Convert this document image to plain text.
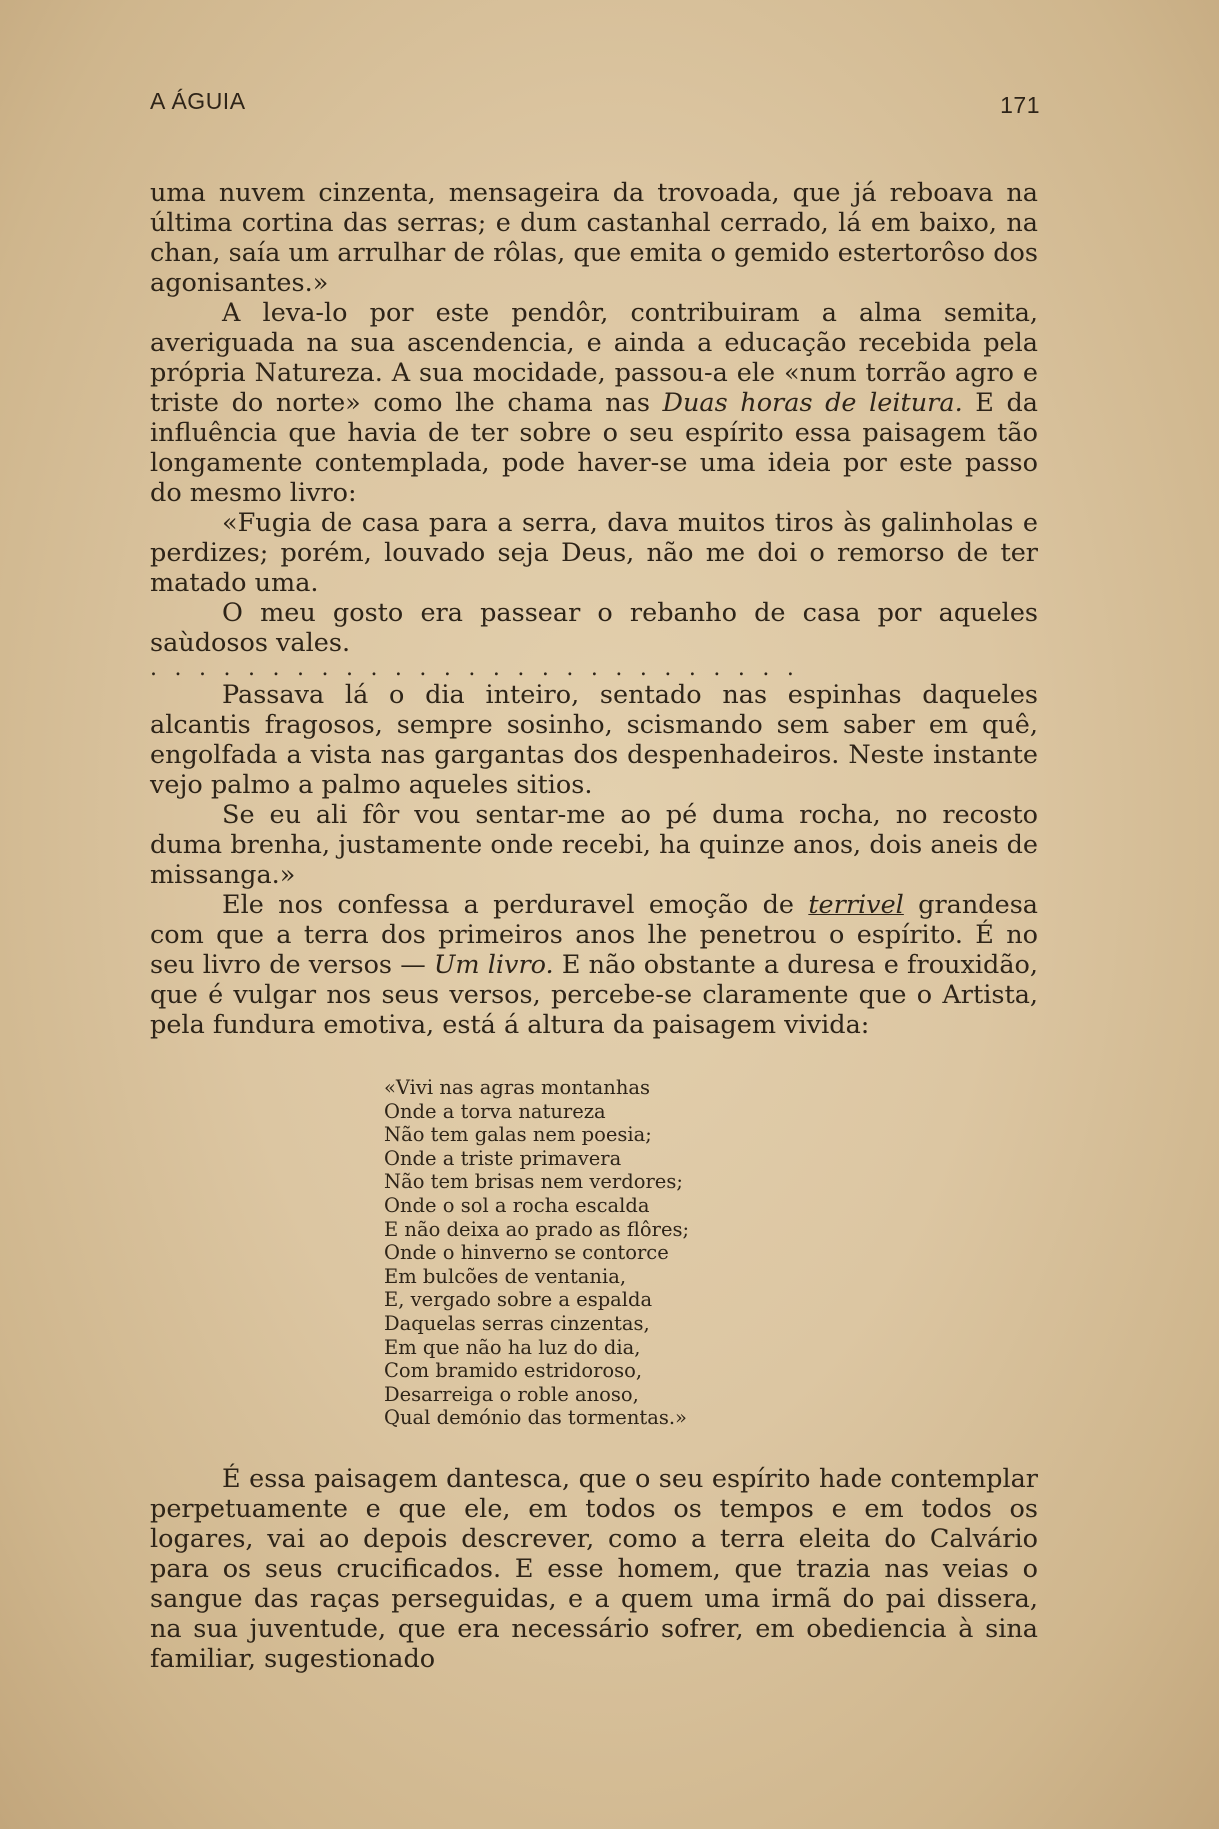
A ÁGUIA	171

uma nuvem cinzenta, mensageira da trovoada, que já reboava na última cortina das serras; e dum castanhal cerrado, lá em baixo, na chan, saía um arrulhar de rôlas, que emita o gemido estertorôso dos agonisantes.»

A leva-lo por este pendôr, contribuiram a alma semita, averiguada na sua ascendencia, e ainda a educação recebida pela própria Natureza. A sua mocidade, passou-a ele «num torrão agro e triste do norte» como lhe chama nas Duas horas de leitura. E da influência que havia de ter sobre o seu espírito essa paisagem tão longamente contemplada, pode haver-se uma ideia por este passo do mesmo livro:

«Fugia de casa para a serra, dava muitos tiros às galinholas e perdizes; porém, louvado seja Deus, não me doi o remorso de ter matado uma.

O meu gosto era passear o rebanho de casa por aqueles saùdosos vales.

...........................

Passava lá o dia inteiro, sentado nas espinhas daqueles alcantis fragosos, sempre sosinho, scismando sem saber em quê, engolfada a vista nas gargantas dos despenhadeiros. Neste instante vejo palmo a palmo aqueles sitios.

Se eu ali fôr vou sentar-me ao pé duma rocha, no recosto duma brenha, justamente onde recebi, ha quinze anos, dois aneis de missanga.»

Ele nos confessa a perduravel emoção de terrivel grandesa com que a terra dos primeiros anos lhe penetrou o espírito. É no seu livro de versos — Um livro. E não obstante a duresa e frouxidão, que é vulgar nos seus versos, percebe-se claramente que o Artista, pela fundura emotiva, está á altura da paisagem vivida:

«Vivi nas agras montanhas
Onde a torva natureza
Não tem galas nem poesia;
Onde a triste primavera
Não tem brisas nem verdores;
Onde o sol a rocha escalda
E não deixa ao prado as flôres;
Onde o hinverno se contorce
Em bulcões de ventania,
E, vergado sobre a espalda
Daquelas serras cinzentas,
Em que não ha luz do dia,
Com bramido estridoroso,
Desarreiga o roble anoso,
Qual demónio das tormentas.»

É essa paisagem dantesca, que o seu espírito hade contemplar perpetuamente e que ele, em todos os tempos e em todos os logares, vai ao depois descrever, como a terra eleita do Calvário para os seus crucificados. E esse homem, que trazia nas veias o sangue das raças perseguidas, e a quem uma irmã do pai dissera, na sua juventude, que era necessário sofrer, em obediencia à sina familiar, sugestionado
